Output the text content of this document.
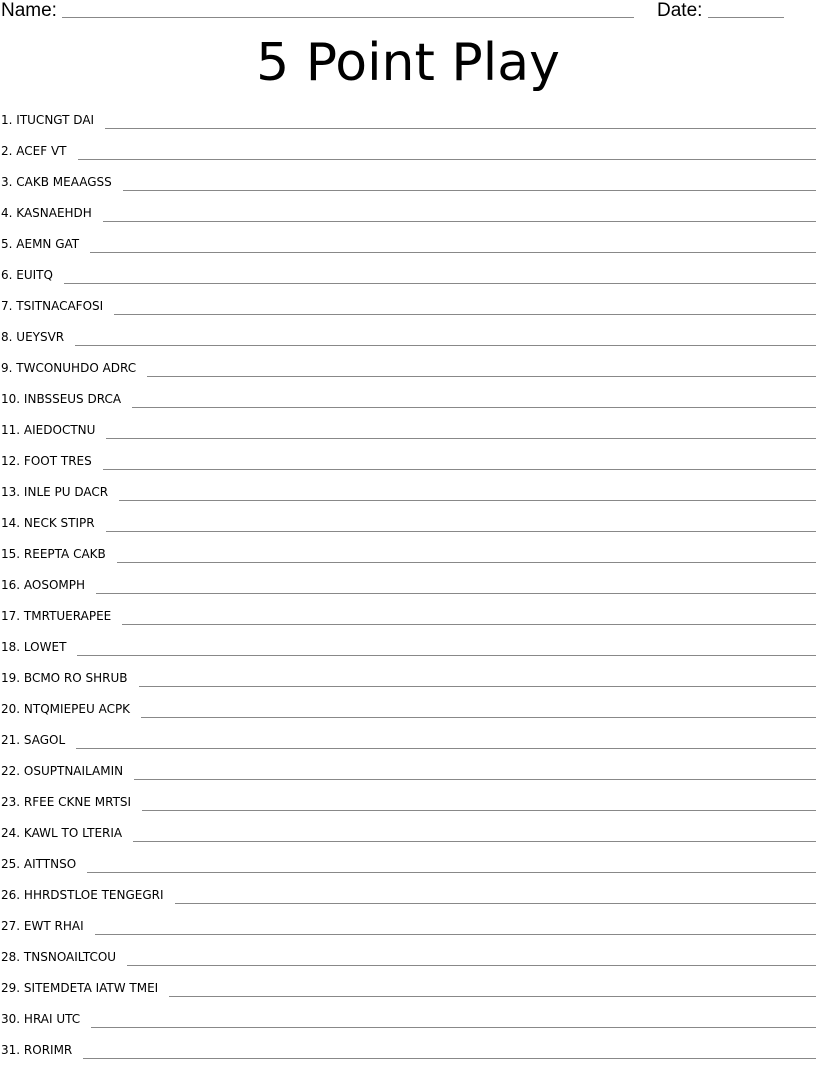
Name:	Date:
5 Point Play
1. ITUCNGT DAI
2. ACEF VT
3. CAKB MEAAGSS
4. KASNAEHDH
5. AEMN GAT
6. EUITQ
7. TSITNACAFOSI
8. UEYSVR
9. TWCONUHDO ADRC
10. INBSSEUS DRCA
11. AIEDOCTNU
12. FOOT TRES
13. INLE PU DACR
14. NECK STIPR
15. REEPTA CAKB
16. AOSOMPH
17. TMRTUERAPEE
18. LOWET
19. BCMO RO SHRUB
20. NTQMIEPEU ACPK
21. SAGOL
22. OSUPTNAILAMIN
23. RFEE CKNE MRTSI
24. KAWL TO LTERIA
25. AITTNSO
26. HHRDSTLOE TENGEGRI
27. EWT RHAI
28. TNSNOAILTCOU
29. SITEMDETA IATW TMEI
30. HRAI UTC
31. RORIMR
